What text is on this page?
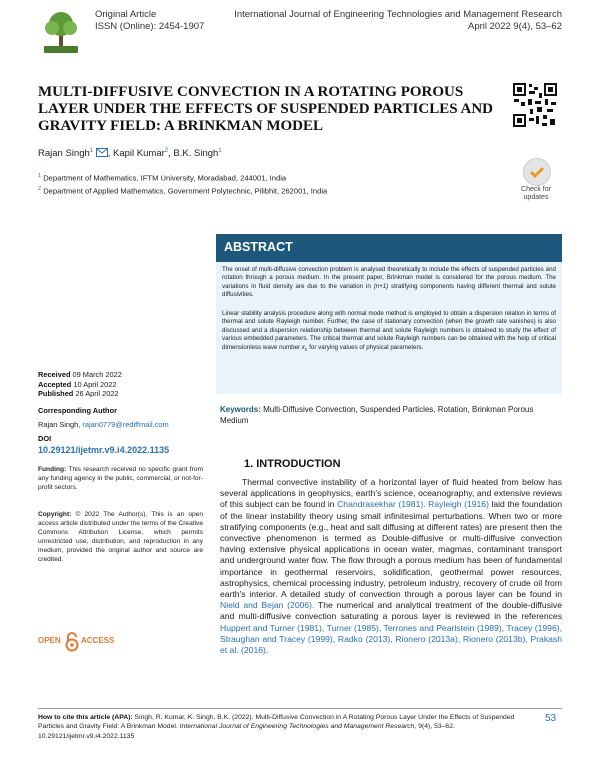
Original Article
ISSN (Online): 2454-1907
International Journal of Engineering Technologies and Management Research
April 2022 9(4), 53–62
MULTI-DIFFUSIVE CONVECTION IN A ROTATING POROUS LAYER UNDER THE EFFECTS OF SUSPENDED PARTICLES AND GRAVITY FIELD: A BRINKMAN MODEL
Rajan Singh$^1$ , Kapil Kumar$^2$, B.K. Singh$^1$
$^1$ Department of Mathematics, IFTM University, Moradabad, 244001, India
$^2$ Department of Applied Mathematics, Government Polytechnic, Pilibhit, 262001, India	Check for
updates
ABSTRACT
The onset of multi-diffusive convection problem is analysed theoretically to include the effects of suspended particles and rotation through a porous medium. In the present paper, Brinkman model is considered for the porous medium. The variations in fluid density are due to the variation in (n+1) stratifying components having different thermal and solute diffusivities.
Linear stability analysis procedure along with normal mode method is employed to obtain a dispersion relation in terms of thermal and solute Rayleigh number. Further, the case of stationary convection (when the growth rate vanishes) is also discussed and a dispersion relationship between thermal and solute Rayleigh numbers is obtained to study the effect of various embedded parameters. The critical thermal and solute Rayleigh numbers can be obtained with the help of critical dimensionless wave number $x_c$ for varying values of physical parameters.
Keywords: Multi-Diffusive Convection, Suspended Particles, Rotation, Brinkman Porous Medium
Received 09 March 2022
Accepted 10 April 2022
Published 26 April 2022
Corresponding Author
Rajan Singh, rajan0779@rediffmail.com
DOI
10.29121/ijetmr.v9.i4.2022.1135
Funding: This research received no specific grant from any funding agency in the public, commercial, or not-for-profit sectors.
Copyright: © 2022 The Author(s). This is an open access article distributed under the terms of the Creative Commons Attribution License, which permits unrestricted use, distribution, and reproduction in any medium, provided the original author and source are credited.
OPEN	ACCESS
1. INTRODUCTION
Thermal convective instability of a horizontal layer of fluid heated from below has several applications in geophysics, earth's science, oceanography, and extensive reviews of this subject can be found in Chandrasekhar (1981). Rayleigh (1916) laid the foundation of the linear instability theory using small infinitesimal perturbations. When two or more stratifying components (e.g., heat and salt diffusing at different rates) are present then the convective phenomenon is termed as Double-diffusive or multi-diffusive convection having extensive physical applications in ocean water, magmas, contaminant transport and underground water flow. The flow through a porous medium has been of fundamental importance in geothermal reservoirs, solidification, geothermal power resources, astrophysics, chemical processing industry, petroleum industry, recovery of crude oil from earth's interior. A detailed study of convection through a porous layer can be found in Nield and Bejan (2006). The numerical and analytical treatment of the double-diffusive and multi-diffusive convection saturating a porous layer is reviewed in the references Huppert and Turner (1981), Turner (1985), Terrones and Pearlstein (1989), Tracey (1996), Straughan and Tracey (1999), Radko (2013), Rionero (2013a), Rionero (2013b), Prakash et al. (2016).
How to cite this article (APA): Singh, R. Kumar, K. Singh, B.K. (2022). Multi-Diffusive Convection in A Rotating Porous Layer Under the Effects of Suspended Particles and Gravity Field: A Brinkman Model. International Journal of Engineering Technologies and Management Research, 9(4), 53–62. 10.29121/ijetmr.v9.i4.2022.1135
53
